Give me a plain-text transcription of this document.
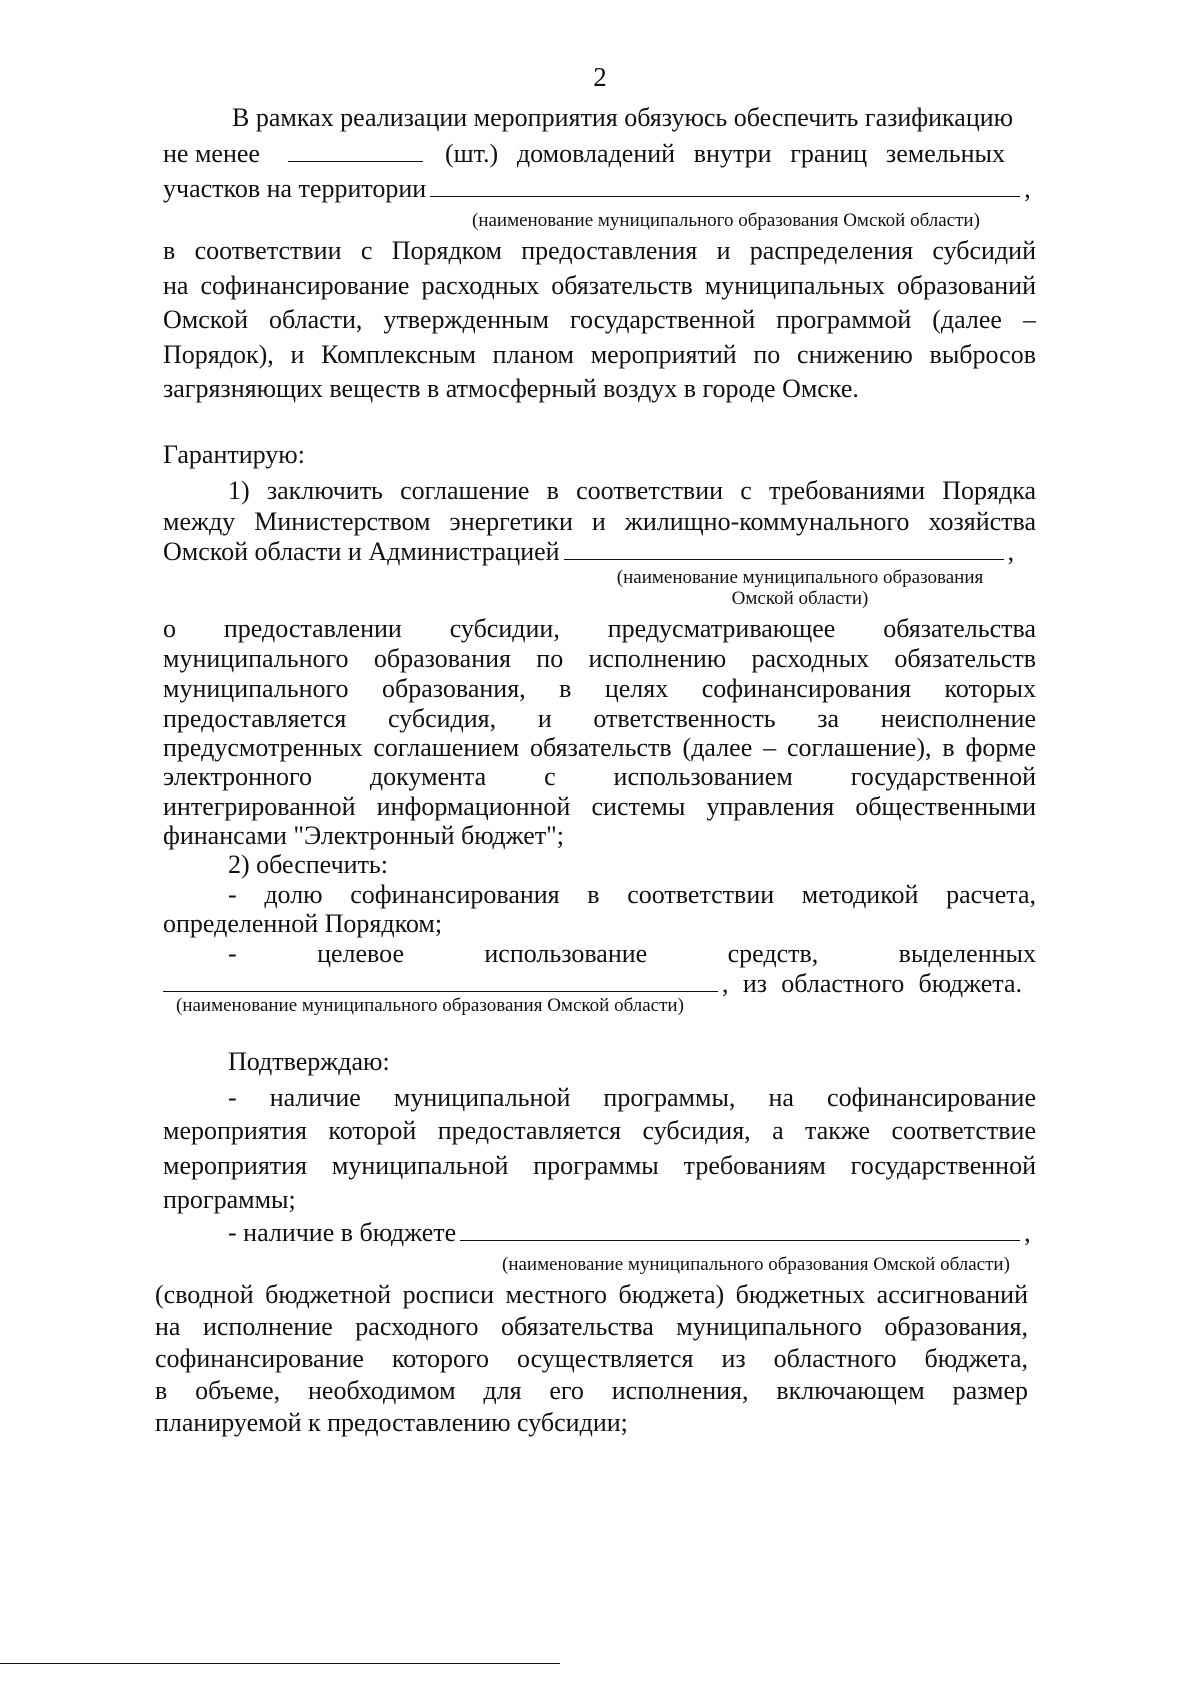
2
В рамках реализации мероприятия обязуюсь обеспечить газификацию
не менее	(шт.) домовладений внутри границ земельных
участков на территории	,
(наименование муниципального образования Омской области)
в соответствии с Порядком предоставления и распределения субсидий
на софинансирование расходных обязательств муниципальных образований
Омской области, утвержденным государственной программой (далее –
Порядок), и Комплексным планом мероприятий по снижению выбросов
загрязняющих веществ в атмосферный воздух в городе Омске.
Гарантирую:
1) заключить соглашение в соответствии с требованиями Порядка
между Министерством энергетики и жилищно-коммунального хозяйства
Омской области и Администрацией	,
(наименование муниципального образования
Омской области)
о предоставлении субсидии, предусматривающее обязательства
муниципального образования по исполнению расходных обязательств
муниципального образования, в целях софинансирования которых
предоставляется субсидия, и ответственность за неисполнение
предусмотренных соглашением обязательств (далее – соглашение), в форме
электронного документа с использованием государственной
интегрированной информационной системы управления общественными
финансами "Электронный бюджет";
2) обеспечить:
- долю софинансирования в соответствии методикой расчета,
определенной Порядком;
- целевое использование средств, выделенных
, из областного бюджета.
(наименование муниципального образования Омской области)
Подтверждаю:
- наличие муниципальной программы, на софинансирование
мероприятия которой предоставляется субсидия, а также соответствие
мероприятия муниципальной программы требованиям государственной
программы;
- наличие в бюджете	,
(наименование муниципального образования Омской области)
(сводной бюджетной росписи местного бюджета) бюджетных ассигнований
на исполнение расходного обязательства муниципального образования,
софинансирование которого осуществляется из областного бюджета,
в объеме, необходимом для его исполнения, включающем размер
планируемой к предоставлению субсидии;
